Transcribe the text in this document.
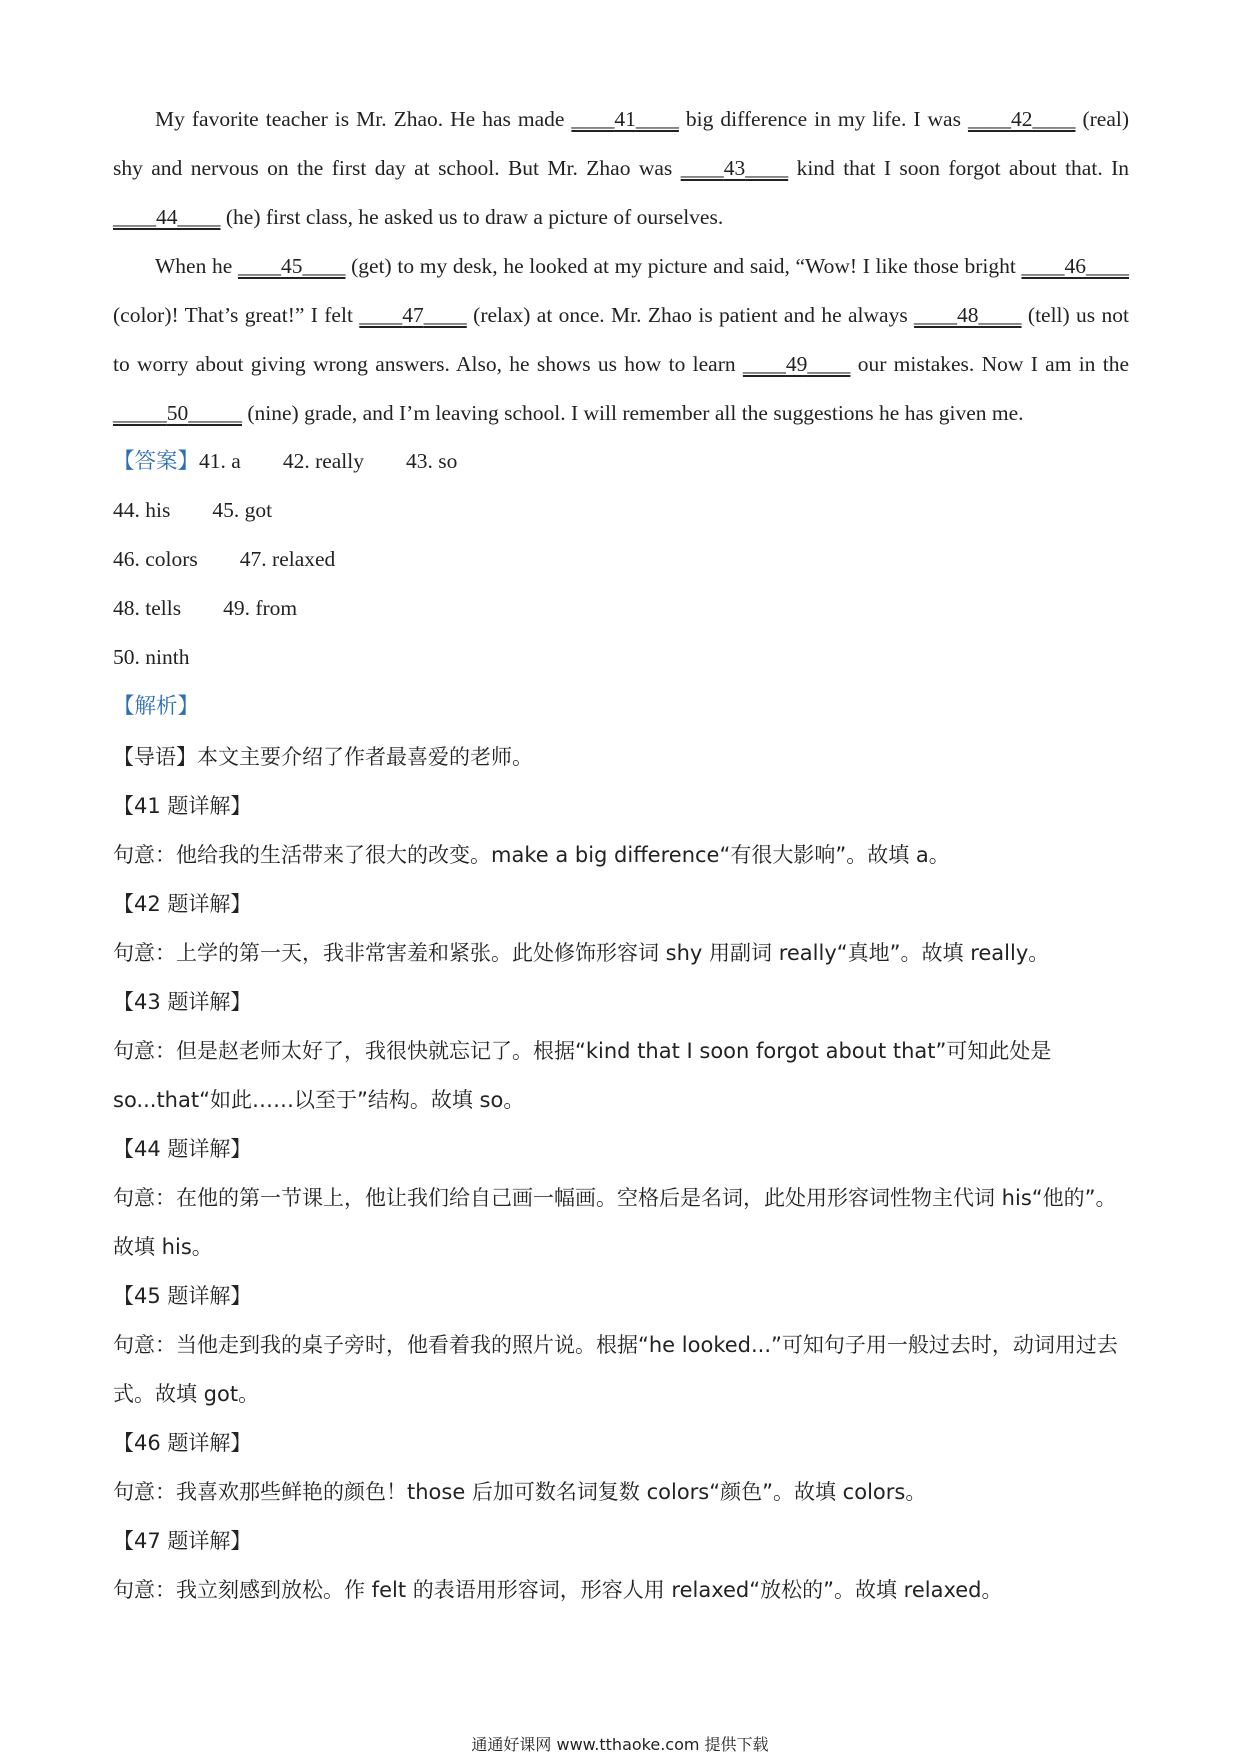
My favorite teacher is Mr. Zhao. He has made ____41____ big difference in my life. I was ____42____ (real) shy and nervous on the first day at school. But Mr. Zhao was ____43____ kind that I soon forgot about that. In ____44____ (he) first class, he asked us to draw a picture of ourselves.

When he ____45____ (get) to my desk, he looked at my picture and said, “Wow! I like those bright ____46____ (color)! That’s great!” I felt ____47____ (relax) at once. Mr. Zhao is patient and he always ____48____ (tell) us not to worry about giving wrong answers. Also, he shows us how to learn ____49____ our mistakes. Now I am in the _____50_____ (nine) grade, and I’m leaving school. I will remember all the suggestions he has given me.

【答案】41. a 42. really 43. so
44. his 45. got
46. colors 47. relaxed
48. tells 49. from
50. ninth
【解析】

【导语】本文主要介绍了作者最喜爱的老师。

【41 题详解】

句意：他给我的生活带来了很大的改变。make a big difference“有很大影响”。故填 a。

【42 题详解】

句意：上学的第一天，我非常害羞和紧张。此处修饰形容词 shy 用副词 really“真地”。故填 really。

【43 题详解】

句意：但是赵老师太好了，我很快就忘记了。根据“kind that I soon forgot about that”可知此处是 so...that“如此……以至于”结构。故填 so。

【44 题详解】

句意：在他的第一节课上，他让我们给自己画一幅画。空格后是名词，此处用形容词性物主代词 his“他的”。故填 his。

【45 题详解】

句意：当他走到我的桌子旁时，他看着我的照片说。根据“he looked...”可知句子用一般过去时，动词用过去式。故填 got。

【46 题详解】

句意：我喜欢那些鲜艳的颜色！those 后加可数名词复数 colors“颜色”。故填 colors。

【47 题详解】

句意：我立刻感到放松。作 felt 的表语用形容词，形容人用 relaxed“放松的”。故填 relaxed。

通通好课网 www.tthaoke.com 提供下载
